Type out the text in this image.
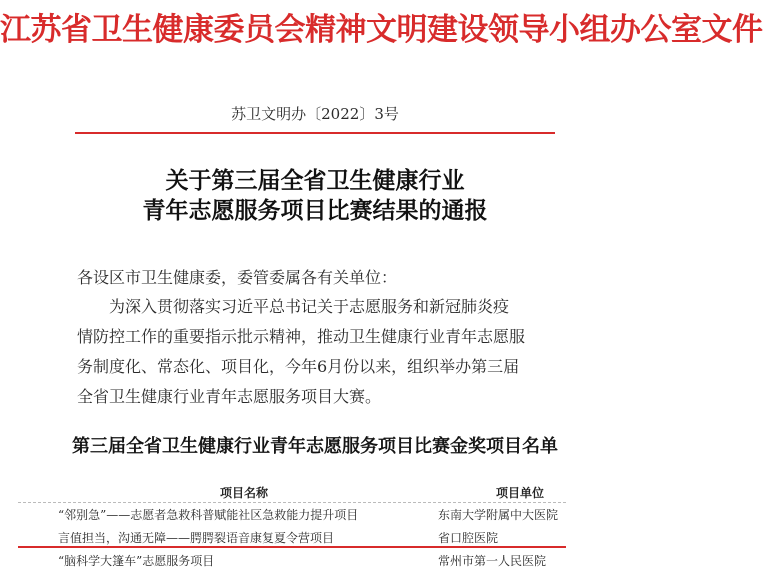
江苏省卫生健康委员会精神文明建设领导小组办公室文件
苏卫文明办〔2022〕3号
关于第三届全省卫生健康行业
青年志愿服务项目比赛结果的通报
各设区市卫生健康委，委管委属各有关单位：
为深入贯彻落实习近平总书记关于志愿服务和新冠肺炎疫
情防控工作的重要指示批示精神，推动卫生健康行业青年志愿服
务制度化、常态化、项目化，今年6月份以来，组织举办第三届
全省卫生健康行业青年志愿服务项目大赛。
第三届全省卫生健康行业青年志愿服务项目比赛金奖项目名单
项目名称	项目单位
“邻别急”——志愿者急救科普赋能社区急救能力提升项目	东南大学附属中大医院
言值担当，沟通无障——腭腭裂语音康复夏令营项目	省口腔医院
“脑科学大篷车”志愿服务项目	常州市第一人民医院
